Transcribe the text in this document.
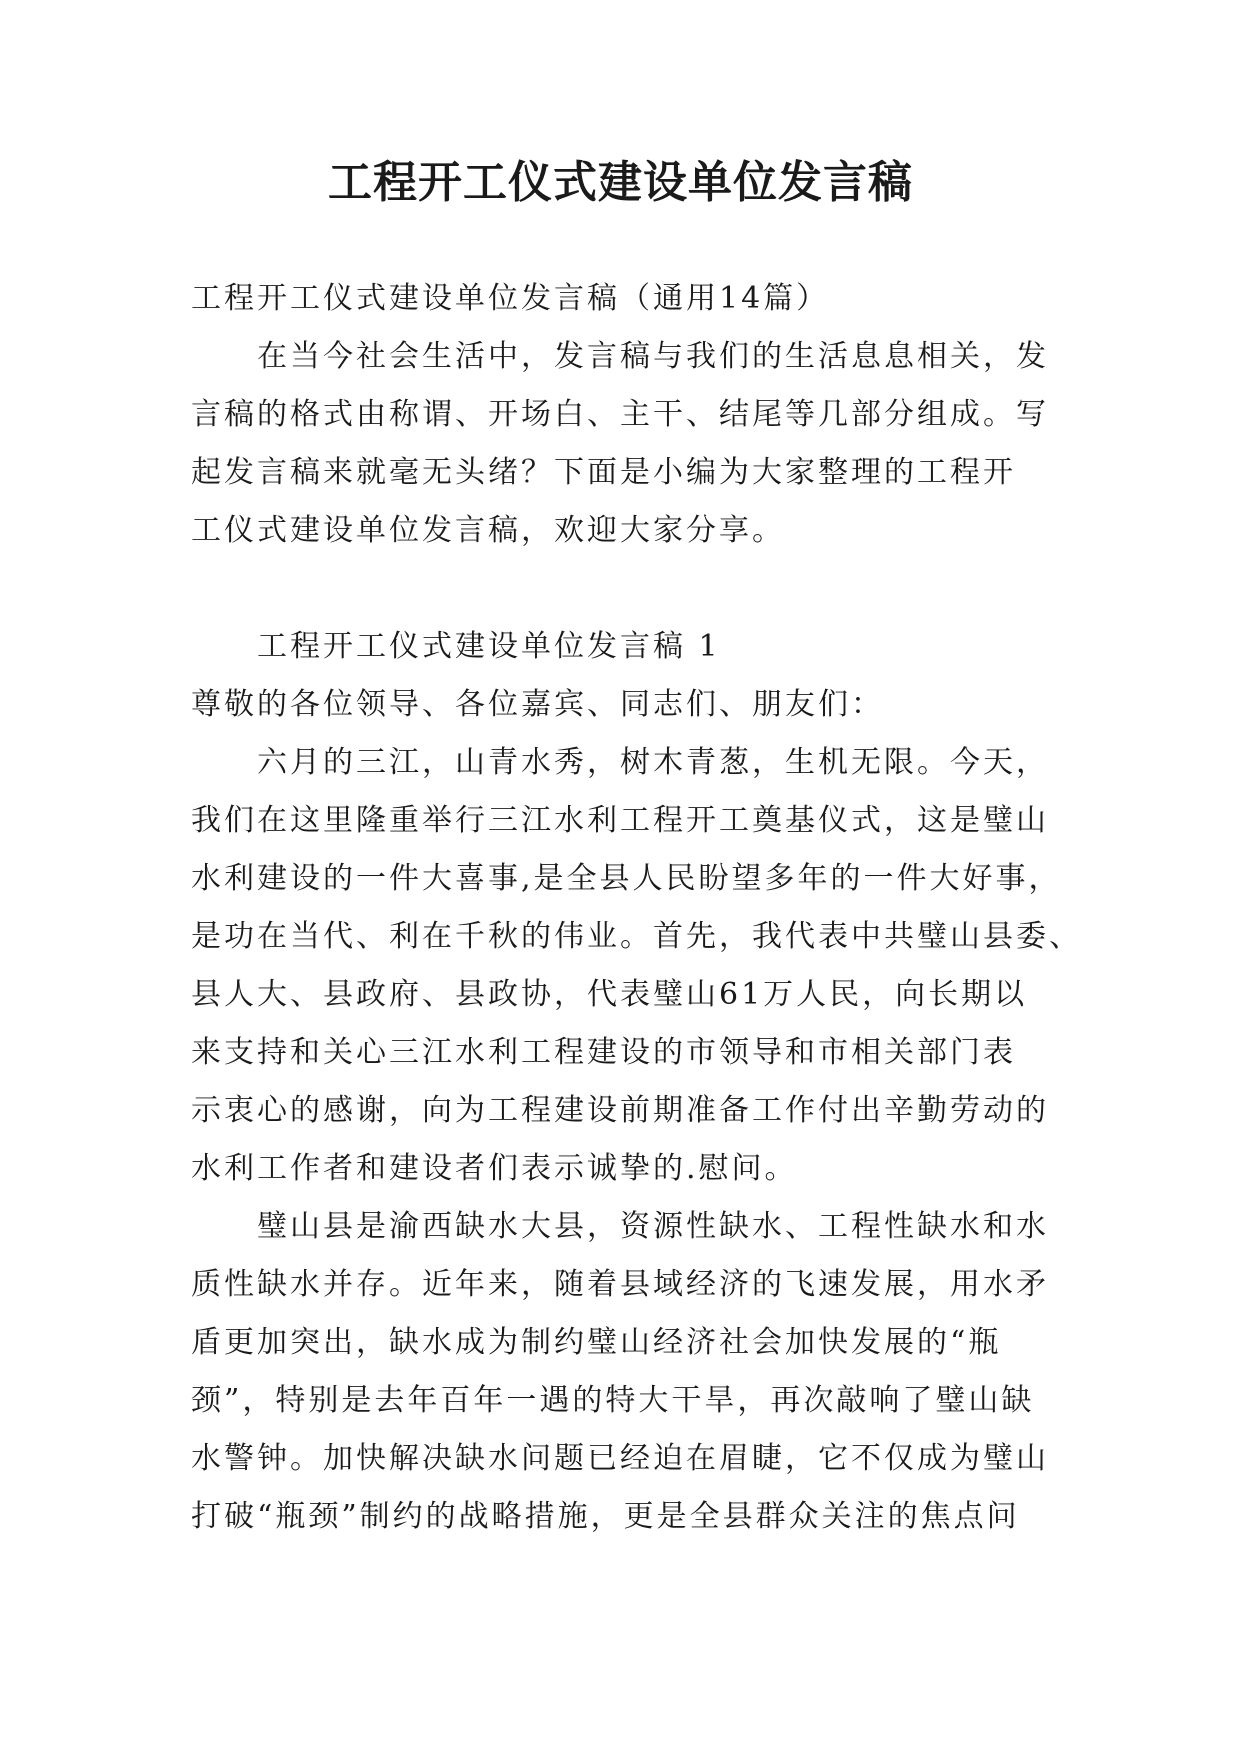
工程开工仪式建设单位发言稿
工程开工仪式建设单位发言稿（通用14篇）
在当今社会生活中，发言稿与我们的生活息息相关，发
言稿的格式由称谓、开场白、主干、结尾等几部分组成。写
起发言稿来就毫无头绪？下面是小编为大家整理的工程开
工仪式建设单位发言稿，欢迎大家分享。
工程开工仪式建设单位发言稿 1
尊敬的各位领导、各位嘉宾、同志们、朋友们：
六月的三江，山青水秀，树木青葱，生机无限。今天，
我们在这里隆重举行三江水利工程开工奠基仪式，这是璧山
水利建设的一件大喜事,是全县人民盼望多年的一件大好事，
是功在当代、利在千秋的伟业。首先，我代表中共璧山县委、
县人大、县政府、县政协，代表璧山61万人民，向长期以
来支持和关心三江水利工程建设的市领导和市相关部门表
示衷心的感谢，向为工程建设前期准备工作付出辛勤劳动的
水利工作者和建设者们表示诚挚的.慰问。
璧山县是渝西缺水大县，资源性缺水、工程性缺水和水
质性缺水并存。近年来，随着县域经济的飞速发展，用水矛
盾更加突出，缺水成为制约璧山经济社会加快发展的“瓶
颈”，特别是去年百年一遇的特大干旱，再次敲响了璧山缺
水警钟。加快解决缺水问题已经迫在眉睫，它不仅成为璧山
打破“瓶颈”制约的战略措施，更是全县群众关注的焦点问
